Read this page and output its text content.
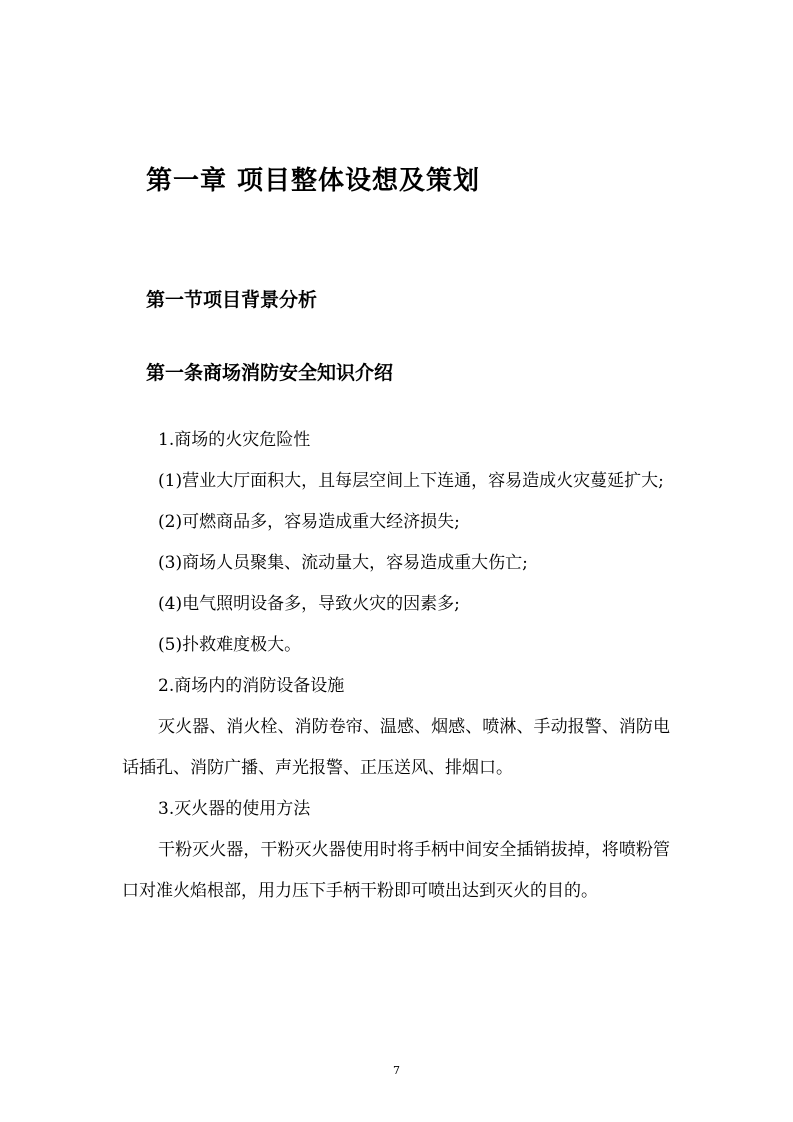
第一章 项目整体设想及策划
第一节项目背景分析
第一条商场消防安全知识介绍

1.商场的火灾危险性

(1)营业大厅面积大，且每层空间上下连通，容易造成火灾蔓延扩大;

(2)可燃商品多，容易造成重大经济损失;

(3)商场人员聚集、流动量大，容易造成重大伤亡;

(4)电气照明设备多，导致火灾的因素多;

(5)扑救难度极大。

2.商场内的消防设备设施

灭火器、消火栓、消防卷帘、温感、烟感、喷淋、手动报警、消防电话插孔、消防广播、声光报警、正压送风、排烟口。

3.灭火器的使用方法

干粉灭火器，干粉灭火器使用时将手柄中间安全插销拔掉，将喷粉管口对准火焰根部，用力压下手柄干粉即可喷出达到灭火的目的。

7
